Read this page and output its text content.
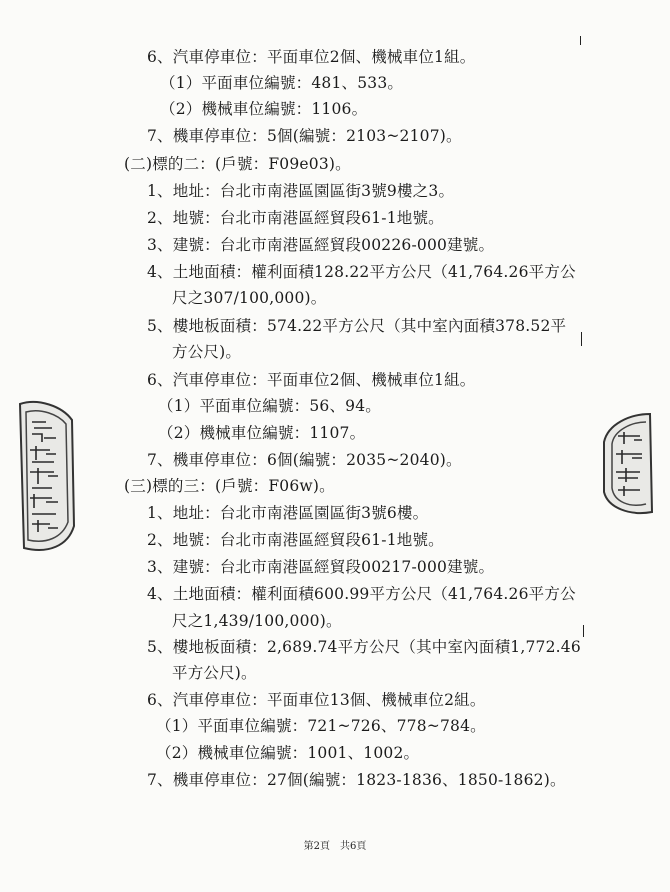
6、汽車停車位：平面車位2個、機械車位1組。
（1）平面車位編號：481、533。
（2）機械車位編號：1106。
7、機車停車位：5個(編號：2103~2107)。
(二)標的二：(戶號：F09e03)。
1、地址：台北市南港區園區街3號9樓之3。
2、地號：台北市南港區經貿段61-1地號。
3、建號：台北市南港區經貿段00226-000建號。
4、土地面積：權利面積128.22平方公尺（41,764.26平方公
尺之307/100,000)。
5、樓地板面積：574.22平方公尺（其中室內面積378.52平
方公尺)。
6、汽車停車位：平面車位2個、機械車位1組。
（1）平面車位編號：56、94。
（2）機械車位編號：1107。
7、機車停車位：6個(編號：2035~2040)。
(三)標的三：(戶號：F06w)。
1、地址：台北市南港區園區街3號6樓。
2、地號：台北市南港區經貿段61-1地號。
3、建號：台北市南港區經貿段00217-000建號。
4、土地面積：權利面積600.99平方公尺（41,764.26平方公
尺之1,439/100,000)。
5、樓地板面積：2,689.74平方公尺（其中室內面積1,772.46
平方公尺)。
6、汽車停車位：平面車位13個、機械車位2組。
（1）平面車位編號：721~726、778~784。
（2）機械車位編號：1001、1002。
7、機車停車位：27個(編號：1823-1836、1850-1862)。
第2頁　共6頁
